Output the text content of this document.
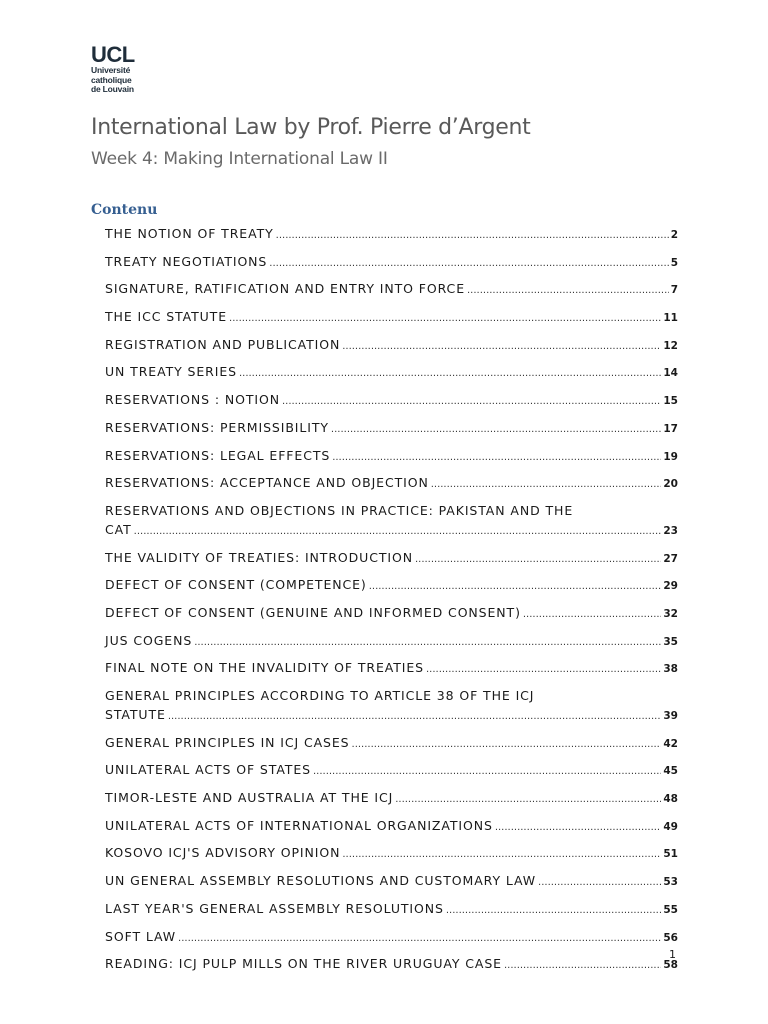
UCL
Université
catholique
de Louvain
International Law by Prof. Pierre d’Argent
Week 4: Making International Law II
Contenu
THE NOTION OF TREATY .....	2
TREATY NEGOTIATIONS .....	5
SIGNATURE, RATIFICATION AND ENTRY INTO FORCE .....	7
THE ICC STATUTE .....	11
REGISTRATION AND PUBLICATION .....	12
UN TREATY SERIES .....	14
RESERVATIONS : NOTION .....	15
RESERVATIONS: PERMISSIBILITY .....	17
RESERVATIONS: LEGAL EFFECTS .....	19
RESERVATIONS: ACCEPTANCE AND OBJECTION .....	20
RESERVATIONS AND OBJECTIONS IN PRACTICE: PAKISTAN AND THE
CAT .....	23
THE VALIDITY OF TREATIES: INTRODUCTION .....	27
DEFECT OF CONSENT (COMPETENCE) .....	29
DEFECT OF CONSENT (GENUINE AND INFORMED CONSENT) .....	32
JUS COGENS .....	35
FINAL NOTE ON THE INVALIDITY OF TREATIES .....	38
GENERAL PRINCIPLES ACCORDING TO ARTICLE 38 OF THE ICJ
STATUTE .....	39
GENERAL PRINCIPLES IN ICJ CASES .....	42
UNILATERAL ACTS OF STATES .....	45
TIMOR-LESTE AND AUSTRALIA AT THE ICJ .....	48
UNILATERAL ACTS OF INTERNATIONAL ORGANIZATIONS .....	49
KOSOVO ICJ'S ADVISORY OPINION .....	51
UN GENERAL ASSEMBLY RESOLUTIONS AND CUSTOMARY LAW .....	53
LAST YEAR'S GENERAL ASSEMBLY RESOLUTIONS .....	55
SOFT LAW .....	56
READING: ICJ PULP MILLS ON THE RIVER URUGUAY CASE .....	58
1
